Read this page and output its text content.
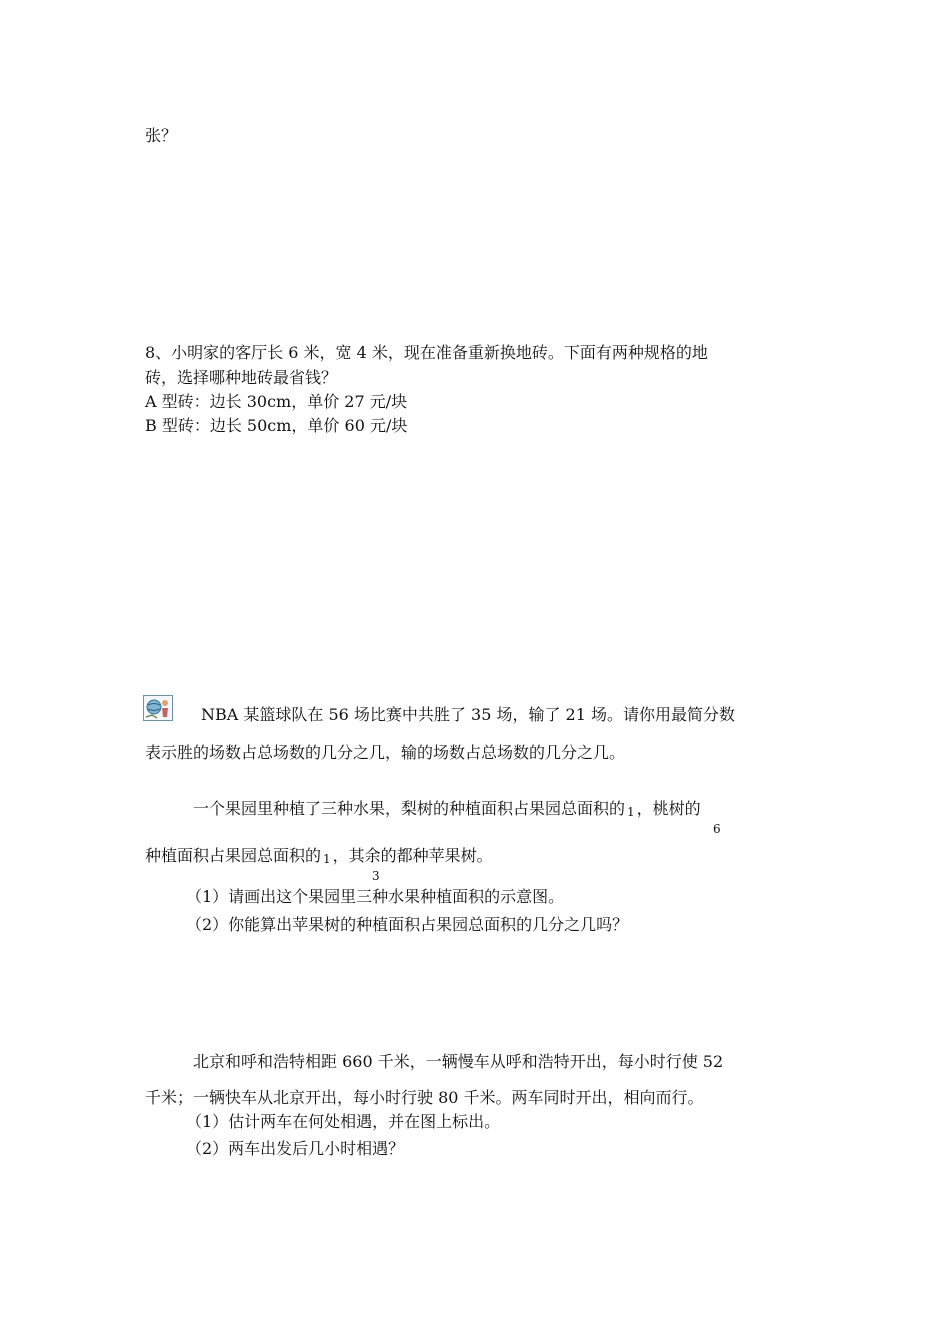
张？
8、小明家的客厅长 6 米，宽 4 米，现在准备重新换地砖。下面有两种规格的地
砖，选择哪种地砖最省钱？
A 型砖：边长 30cm，单价 27 元/块
B 型砖：边长 50cm，单价 60 元/块
NBA 某篮球队在 56 场比赛中共胜了 35 场，输了 21 场。请你用最简分数
表示胜的场数占总场数的几分之几，输的场数占总场数的几分之几。
一个果园里种植了三种水果，梨树的种植面积占果园总面积的 1 ，桃树的
6
种植面积占果园总面积的 1 ，其余的都种苹果树。
3
（1）请画出这个果园里三种水果种植面积的示意图。
（2）你能算出苹果树的种植面积占果园总面积的几分之几吗？
北京和呼和浩特相距 660 千米，一辆慢车从呼和浩特开出，每小时行使 52
千米；一辆快车从北京开出，每小时行驶 80 千米。两车同时开出，相向而行。
（1）估计两车在何处相遇，并在图上标出。
（2）两车出发后几小时相遇？
